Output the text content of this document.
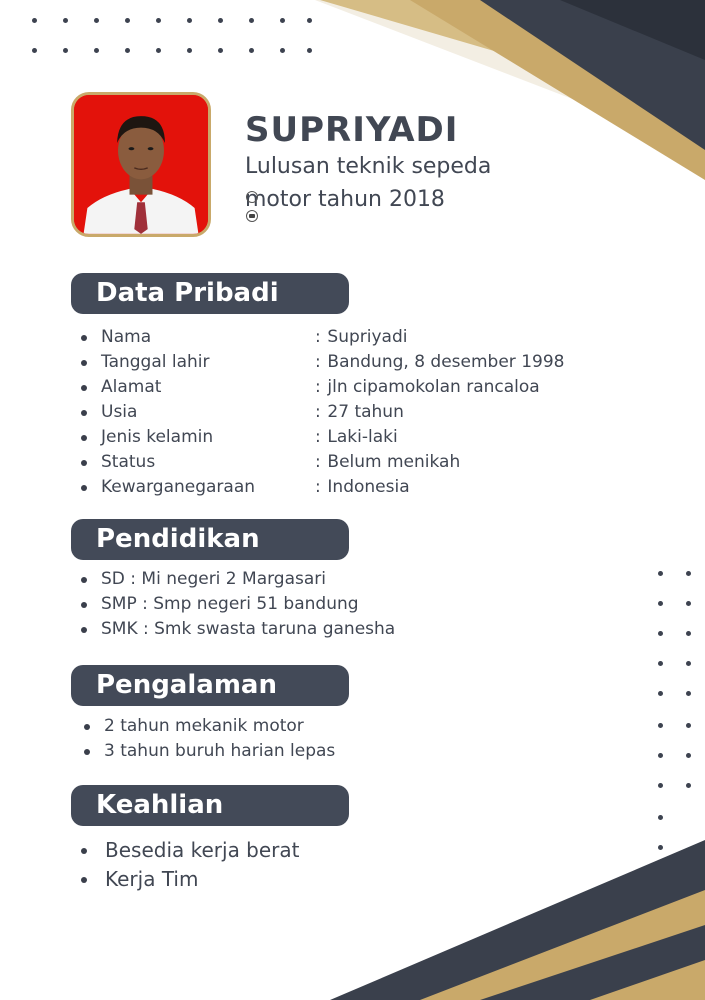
SUPRIYADI
Lulusan teknik sepeda motor tahun 2018
Data Pribadi
Nama	: Supriyadi
Tanggal lahir	: Bandung, 8 desember 1998
Alamat	: jln cipamokolan rancaloa
Usia	: 27 tahun
Jenis kelamin	: Laki-laki
Status	: Belum menikah
Kewarganegaraan	: Indonesia
Pendidikan
SD : Mi negeri 2 Margasari
SMP : Smp negeri 51 bandung
SMK : Smk swasta taruna ganesha
Pengalaman
2 tahun mekanik motor
3 tahun buruh harian lepas
Keahlian
Besedia kerja berat
Kerja Tim
